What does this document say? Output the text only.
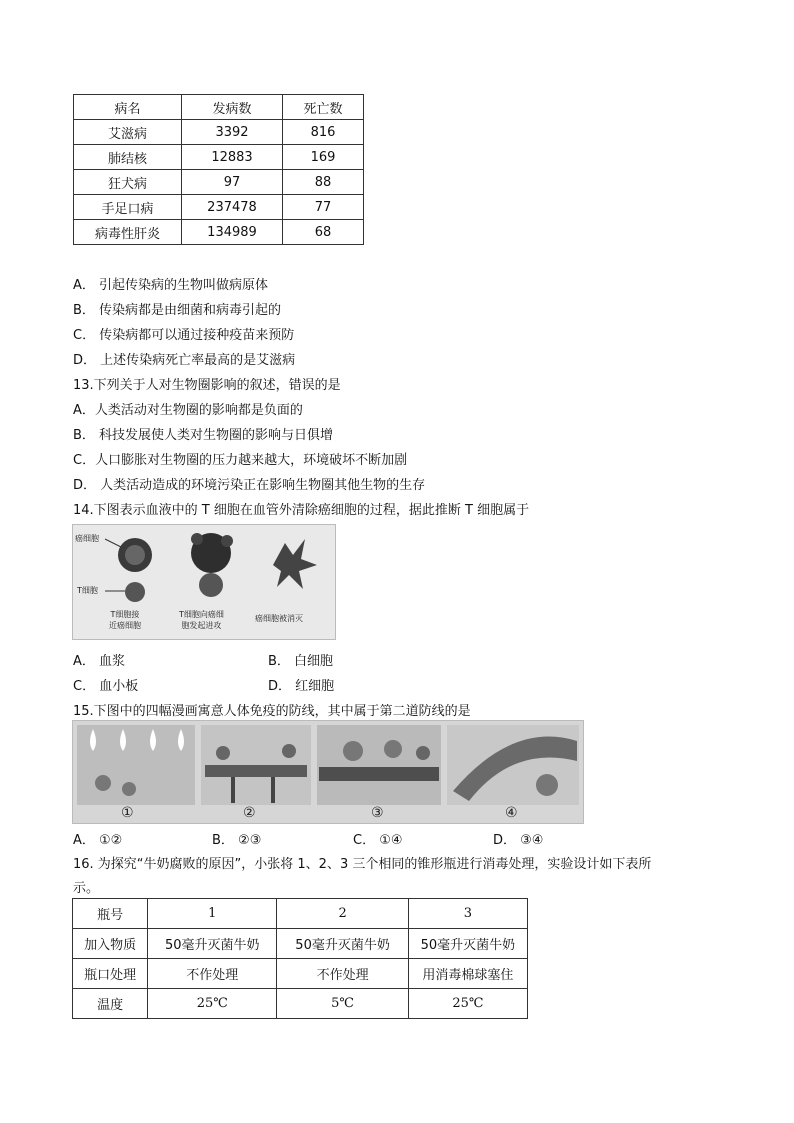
病名	发病数	死亡数
艾滋病	3392	816
肺结核	12883	169
狂犬病	97	88
手足口病	237478	77
病毒性肝炎	134989	68
A． 引起传染病的生物叫做病原体
B． 传染病都是由细菌和病毒引起的
C． 传染病都可以通过接种疫苗来预防
D． 上述传染病死亡率最高的是艾滋病
13.下列关于人对生物圈影响的叙述，错误的是
A．人类活动对生物圈的影响都是负面的
B． 科技发展使人类对生物圈的影响与日俱增
C．人口膨胀对生物圈的压力越来越大，环境破坏不断加剧
D． 人类活动造成的环境污染正在影响生物圈其他生物的生存
14.下图表示血液中的 T 细胞在血管外清除癌细胞的过程，据此推断 T 细胞属于
癌细胞
T细胞
T细胞接
近癌细胞
T细胞向癌细
胞发起进攻
癌细胞被消灭
A． 血浆	B． 白细胞
C． 血小板	D． 红细胞
15.下图中的四幅漫画寓意人体免疫的防线，其中属于第二道防线的是
①	②	③	④
A． ①②	B． ②③	C． ①④	D． ③④
16. 为探究“牛奶腐败的原因”，小张将 1、2、3 三个相同的锥形瓶进行消毒处理，实验设计如下表所
示。
瓶号	1	2	3
加入物质	50毫升灭菌牛奶	50毫升灭菌牛奶	50毫升灭菌牛奶
瓶口处理	不作处理	不作处理	用消毒棉球塞住
温度	25℃	5℃	25℃
